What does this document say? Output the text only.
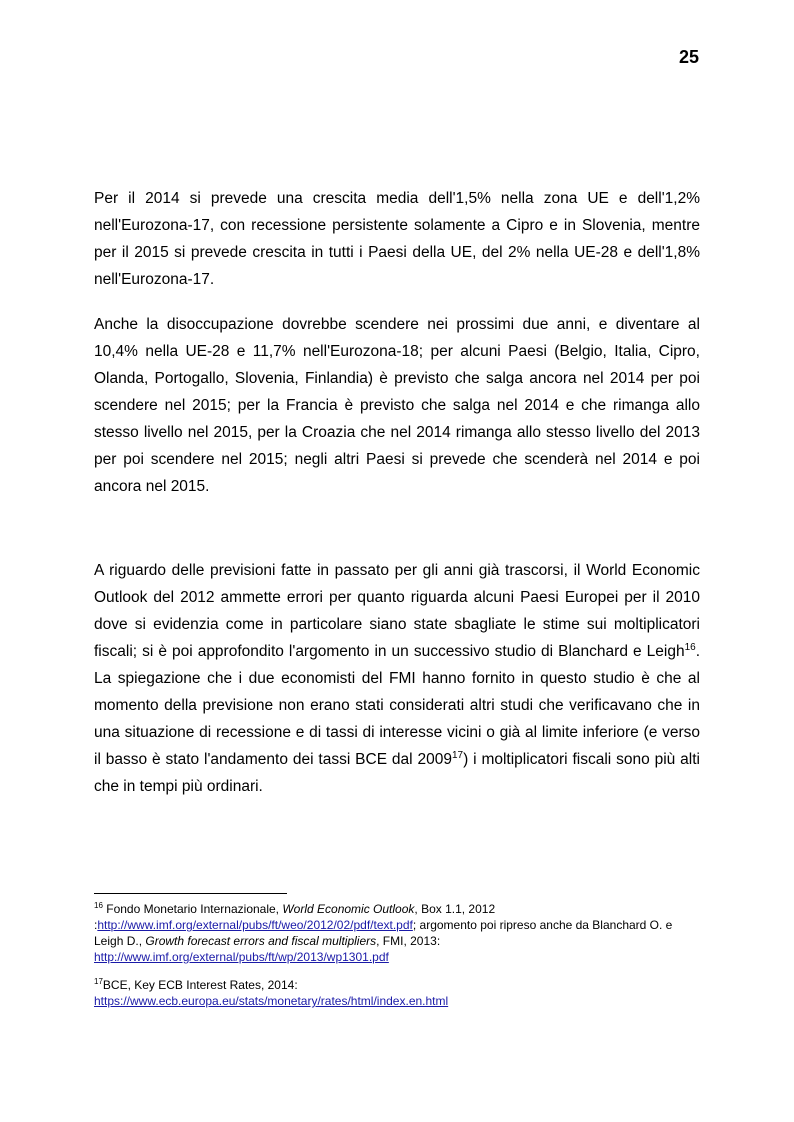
25

Per il 2014 si prevede una crescita media dell'1,5% nella zona UE e dell'1,2% nell'Eurozona-17, con recessione persistente solamente a Cipro e in Slovenia, mentre per il 2015 si prevede crescita in tutti i Paesi della UE, del 2% nella UE-28 e dell'1,8% nell'Eurozona-17.

Anche la disoccupazione dovrebbe scendere nei prossimi due anni, e diventare al 10,4% nella UE-28 e 11,7% nell'Eurozona-18; per alcuni Paesi (Belgio, Italia, Cipro, Olanda, Portogallo, Slovenia, Finlandia) è previsto che salga ancora nel 2014 per poi scendere nel 2015; per la Francia è previsto che salga nel 2014 e che rimanga allo stesso livello nel 2015, per la Croazia che nel 2014 rimanga allo stesso livello del 2013 per poi scendere nel 2015; negli altri Paesi si prevede che scenderà nel 2014 e poi ancora nel 2015.

A riguardo delle previsioni fatte in passato per gli anni già trascorsi, il World Economic Outlook del 2012 ammette errori per quanto riguarda alcuni Paesi Europei per il 2010 dove si evidenzia come in particolare siano state sbagliate le stime sui moltiplicatori fiscali; si è poi approfondito l'argomento in un successivo studio di Blanchard e Leigh$^{16}$. La spiegazione che i due economisti del FMI hanno fornito in questo studio è che al momento della previsione non erano stati considerati altri studi che verificavano che in una situazione di recessione e di tassi di interesse vicini o già al limite inferiore (e verso il basso è stato l'andamento dei tassi BCE dal 2009$^{17}$) i moltiplicatori fiscali sono più alti che in tempi più ordinari.

$^{16}$ Fondo Monetario Internazionale, World Economic Outlook, Box 1.1, 2012 :http://www.imf.org/external/pubs/ft/weo/2012/02/pdf/text.pdf; argomento poi ripreso anche da Blanchard O. e Leigh D., Growth forecast errors and fiscal multipliers, FMI, 2013: http://www.imf.org/external/pubs/ft/wp/2013/wp1301.pdf

$^{17}$BCE, Key ECB Interest Rates, 2014:
https://www.ecb.europa.eu/stats/monetary/rates/html/index.en.html
